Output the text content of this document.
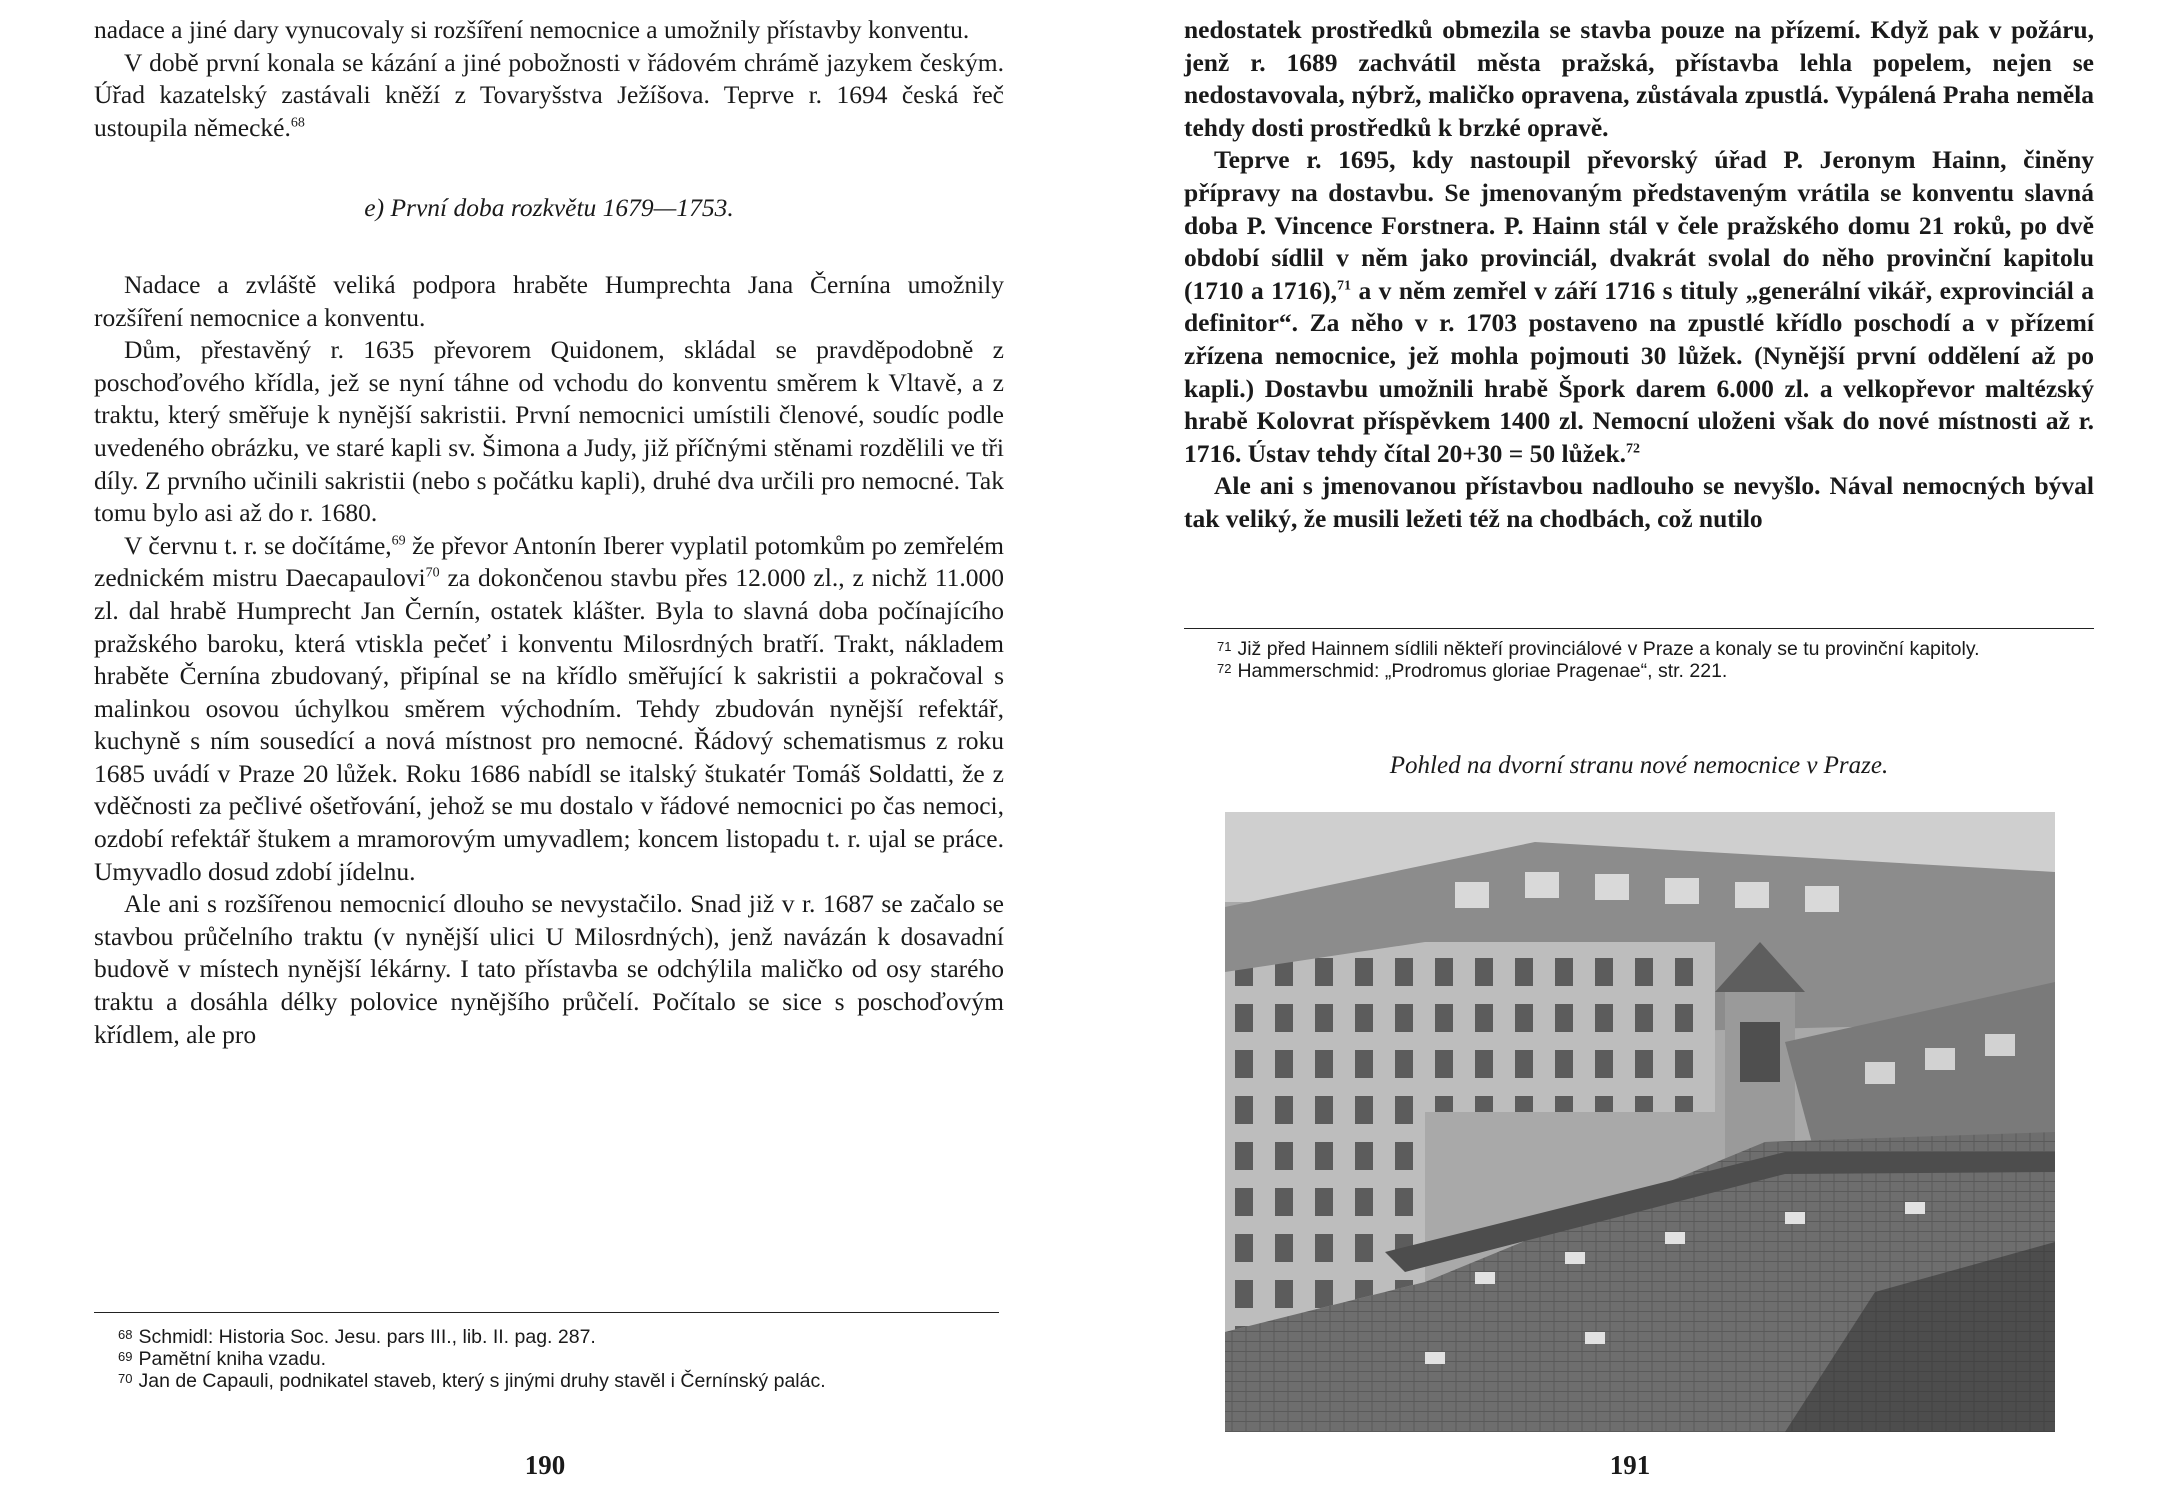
nadace a jiné dary vynucovaly si rozšíření nemocnice a umožnily přístavby konventu.

V době první konala se kázání a jiné pobožnosti v řádovém chrámě jazykem českým. Úřad kazatelský zastávali kněží z Tovaryšstva Ježíšova. Teprve r. 1694 česká řeč ustoupila německé.$^{68}$

e) První doba rozkvětu 1679—1753.

Nadace a zvláště veliká podpora hraběte Humprechta Jana Černína umožnily rozšíření nemocnice a konventu.

Dům, přestavěný r. 1635 převorem Quidonem, skládal se pravděpodobně z poschoďového křídla, jež se nyní táhne od vchodu do konventu směrem k Vltavě, a z traktu, který směřuje k nynější sakristii. První nemocnici umístili členové, soudíc podle uvedeného obrázku, ve staré kapli sv. Šimona a Judy, již příčnými stěnami rozdělili ve tři díly. Z prvního učinili sakristii (nebo s počátku kapli), druhé dva určili pro nemocné. Tak tomu bylo asi až do r. 1680.

V červnu t. r. se dočítáme,$^{69}$ že převor Antonín Iberer vyplatil potomkům po zemřelém zednickém mistru Daecapaulovi$^{70}$ za dokončenou stavbu přes 12.000 zl., z nichž 11.000 zl. dal hrabě Humprecht Jan Černín, ostatek klášter. Byla to slavná doba počínajícího pražského baroku, která vtiskla pečeť i konventu Milosrdných bratří. Trakt, nákladem hraběte Černína zbudovaný, připínal se na křídlo směřující k sakristii a pokračoval s malinkou osovou úchylkou směrem východním. Tehdy zbudován nynější refektář, kuchyně s ním sousedící a nová místnost pro nemocné. Řádový schematismus z roku 1685 uvádí v Praze 20 lůžek. Roku 1686 nabídl se italský štukatér Tomáš Soldatti, že z vděčnosti za pečlivé ošetřování, jehož se mu dostalo v řádové nemocnici po čas nemoci, ozdobí refektář štukem a mramorovým umyvadlem; koncem listopadu t. r. ujal se práce. Umyvadlo dosud zdobí jídelnu.

Ale ani s rozšířenou nemocnicí dlouho se nevystačilo. Snad již v r. 1687 se začalo se stavbou průčelního traktu (v nynější ulici U Milosrdných), jenž navázán k dosavadní budově v místech nynější lékárny. I tato přístavba se odchýlila maličko od osy starého traktu a dosáhla délky polovice nynějšího průčelí. Počítalo se sice s poschoďovým křídlem, ale pro

$^{68}$ Schmidl: Historia Soc. Jesu. pars III., lib. II. pag. 287.

$^{69}$ Pamětní kniha vzadu.

$^{70}$ Jan de Capauli, podnikatel staveb, který s jinými druhy stavěl i Černínský palác.

190

nedostatek prostředků obmezila se stavba pouze na přízemí. Když pak v požáru, jenž r. 1689 zachvátil města pražská, přístavba lehla popelem, nejen se nedostavovala, nýbrž, maličko opravena, zůstávala zpustlá. Vypálená Praha neměla tehdy dosti prostředků k brzké opravě.

Teprve r. 1695, kdy nastoupil převorský úřad P. Jeronym Hainn, činěny přípravy na dostavbu. Se jmenovaným představeným vrátila se konventu slavná doba P. Vincence Forstnera. P. Hainn stál v čele pražského domu 21 roků, po dvě období sídlil v něm jako provinciál, dvakrát svolal do něho provinční kapitolu (1710 a 1716),$^{71}$ a v něm zemřel v září 1716 s tituly „generální vikář, exprovinciál a definitor“. Za něho v r. 1703 postaveno na zpustlé křídlo poschodí a v přízemí zřízena nemocnice, jež mohla pojmouti 30 lůžek. (Nynější první oddělení až po kapli.) Dostavbu umožnili hrabě Špork darem 6.000 zl. a velkopřevor maltézský hrabě Kolovrat příspěvkem 1400 zl. Nemocní uloženi však do nové místnosti až r. 1716. Ústav tehdy čítal 20+30 = 50 lůžek.$^{72}$

Ale ani s jmenovanou přístavbou nadlouho se nevyšlo. Nával nemocných býval tak veliký, že musili ležeti též na chodbách, což nutilo

$^{71}$ Již před Hainnem sídlili někteří provinciálové v Praze a konaly se tu provinční kapitoly.

$^{72}$ Hammerschmid: „Prodromus gloriae Pragenae“, str. 221.

Pohled na dvorní stranu nové nemocnice v Praze.
191
